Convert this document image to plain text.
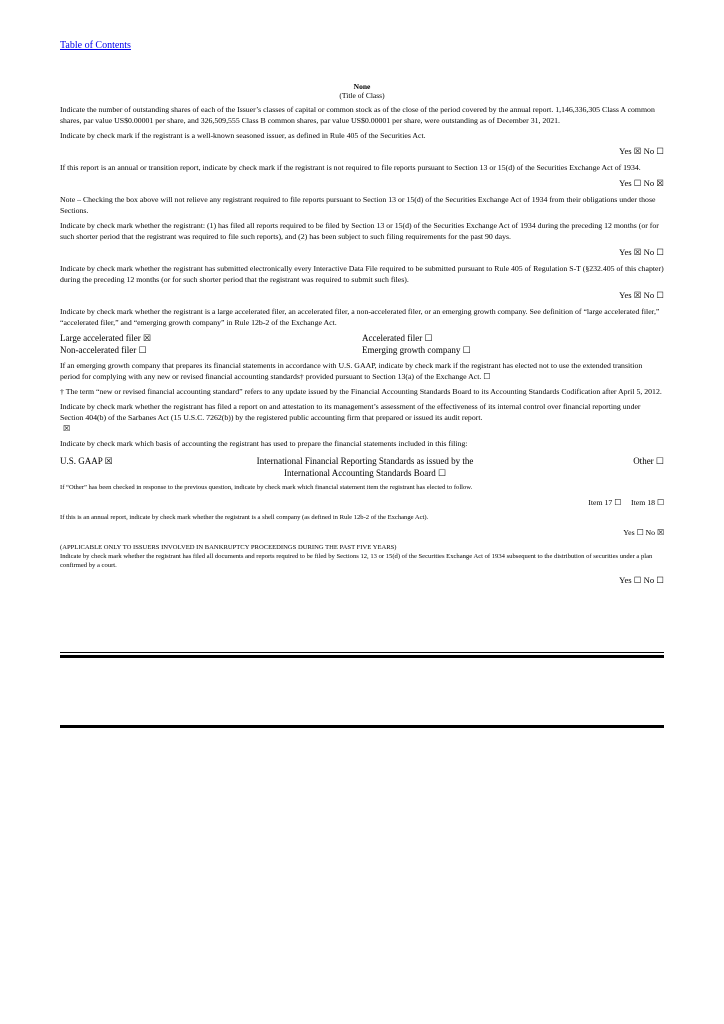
Table of Contents
None
(Title of Class)

Indicate the number of outstanding shares of each of the Issuer’s classes of capital or common stock as of the close of the period covered by the annual report. 1,146,336,305 Class A common shares, par value US$0.00001 per share, and 326,509,555 Class B common shares, par value US$0.00001 per share, were outstanding as of December 31, 2021.

Indicate by check mark if the registrant is a well-known seasoned issuer, as defined in Rule 405 of the Securities Act.

Yes ☒ No ☐

If this report is an annual or transition report, indicate by check mark if the registrant is not required to file reports pursuant to Section 13 or 15(d) of the Securities Exchange Act of 1934.

Yes ☐ No ☒

Note – Checking the box above will not relieve any registrant required to file reports pursuant to Section 13 or 15(d) of the Securities Exchange Act of 1934 from their obligations under those Sections.

Indicate by check mark whether the registrant: (1) has filed all reports required to be filed by Section 13 or 15(d) of the Securities Exchange Act of 1934 during the preceding 12 months (or for such shorter period that the registrant was required to file such reports), and (2) has been subject to such filing requirements for the past 90 days.

Yes ☒ No ☐

Indicate by check mark whether the registrant has submitted electronically every Interactive Data File required to be submitted pursuant to Rule 405 of Regulation S-T (§232.405 of this chapter) during the preceding 12 months (or for such shorter period that the registrant was required to submit such files).

Yes ☒ No ☐

Indicate by check mark whether the registrant is a large accelerated filer, an accelerated filer, a non-accelerated filer, or an emerging growth company. See definition of “large accelerated filer,” “accelerated filer,” and “emerging growth company” in Rule 12b-2 of the Exchange Act.

Large accelerated filer ☒	Accelerated filer ☐
Non-accelerated filer ☐	Emerging growth company ☐

If an emerging growth company that prepares its financial statements in accordance with U.S. GAAP, indicate by check mark if the registrant has elected not to use the extended transition period for complying with any new or revised financial accounting standards† provided pursuant to Section 13(a) of the Exchange Act. ☐

† The term “new or revised financial accounting standard” refers to any update issued by the Financial Accounting Standards Board to its Accounting Standards Codification after April 5, 2012.

Indicate by check mark whether the registrant has filed a report on and attestation to its management’s assessment of the effectiveness of its internal control over financial reporting under Section 404(b) of the Sarbanes Act (15 U.S.C. 7262(b)) by the registered public accounting firm that prepared or issued its audit report.

☒

Indicate by check mark which basis of accounting the registrant has used to prepare the financial statements included in this filing:

U.S. GAAP ☒	International Financial Reporting Standards as issued by the
International Accounting Standards Board ☐
Other ☐

If “Other” has been checked in response to the previous question, indicate by check mark which financial statement item the registrant has elected to follow.

Item 17 ☐     Item 18 ☐

If this is an annual report, indicate by check mark whether the registrant is a shell company (as defined in Rule 12b-2 of the Exchange Act).

Yes ☐ No ☒

(APPLICABLE ONLY TO ISSUERS INVOLVED IN BANKRUPTCY PROCEEDINGS DURING THE PAST FIVE YEARS)

Indicate by check mark whether the registrant has filed all documents and reports required to be filed by Sections 12, 13 or 15(d) of the Securities Exchange Act of 1934 subsequent to the distribution of securities under a plan confirmed by a court.

Yes ☐ No ☐
